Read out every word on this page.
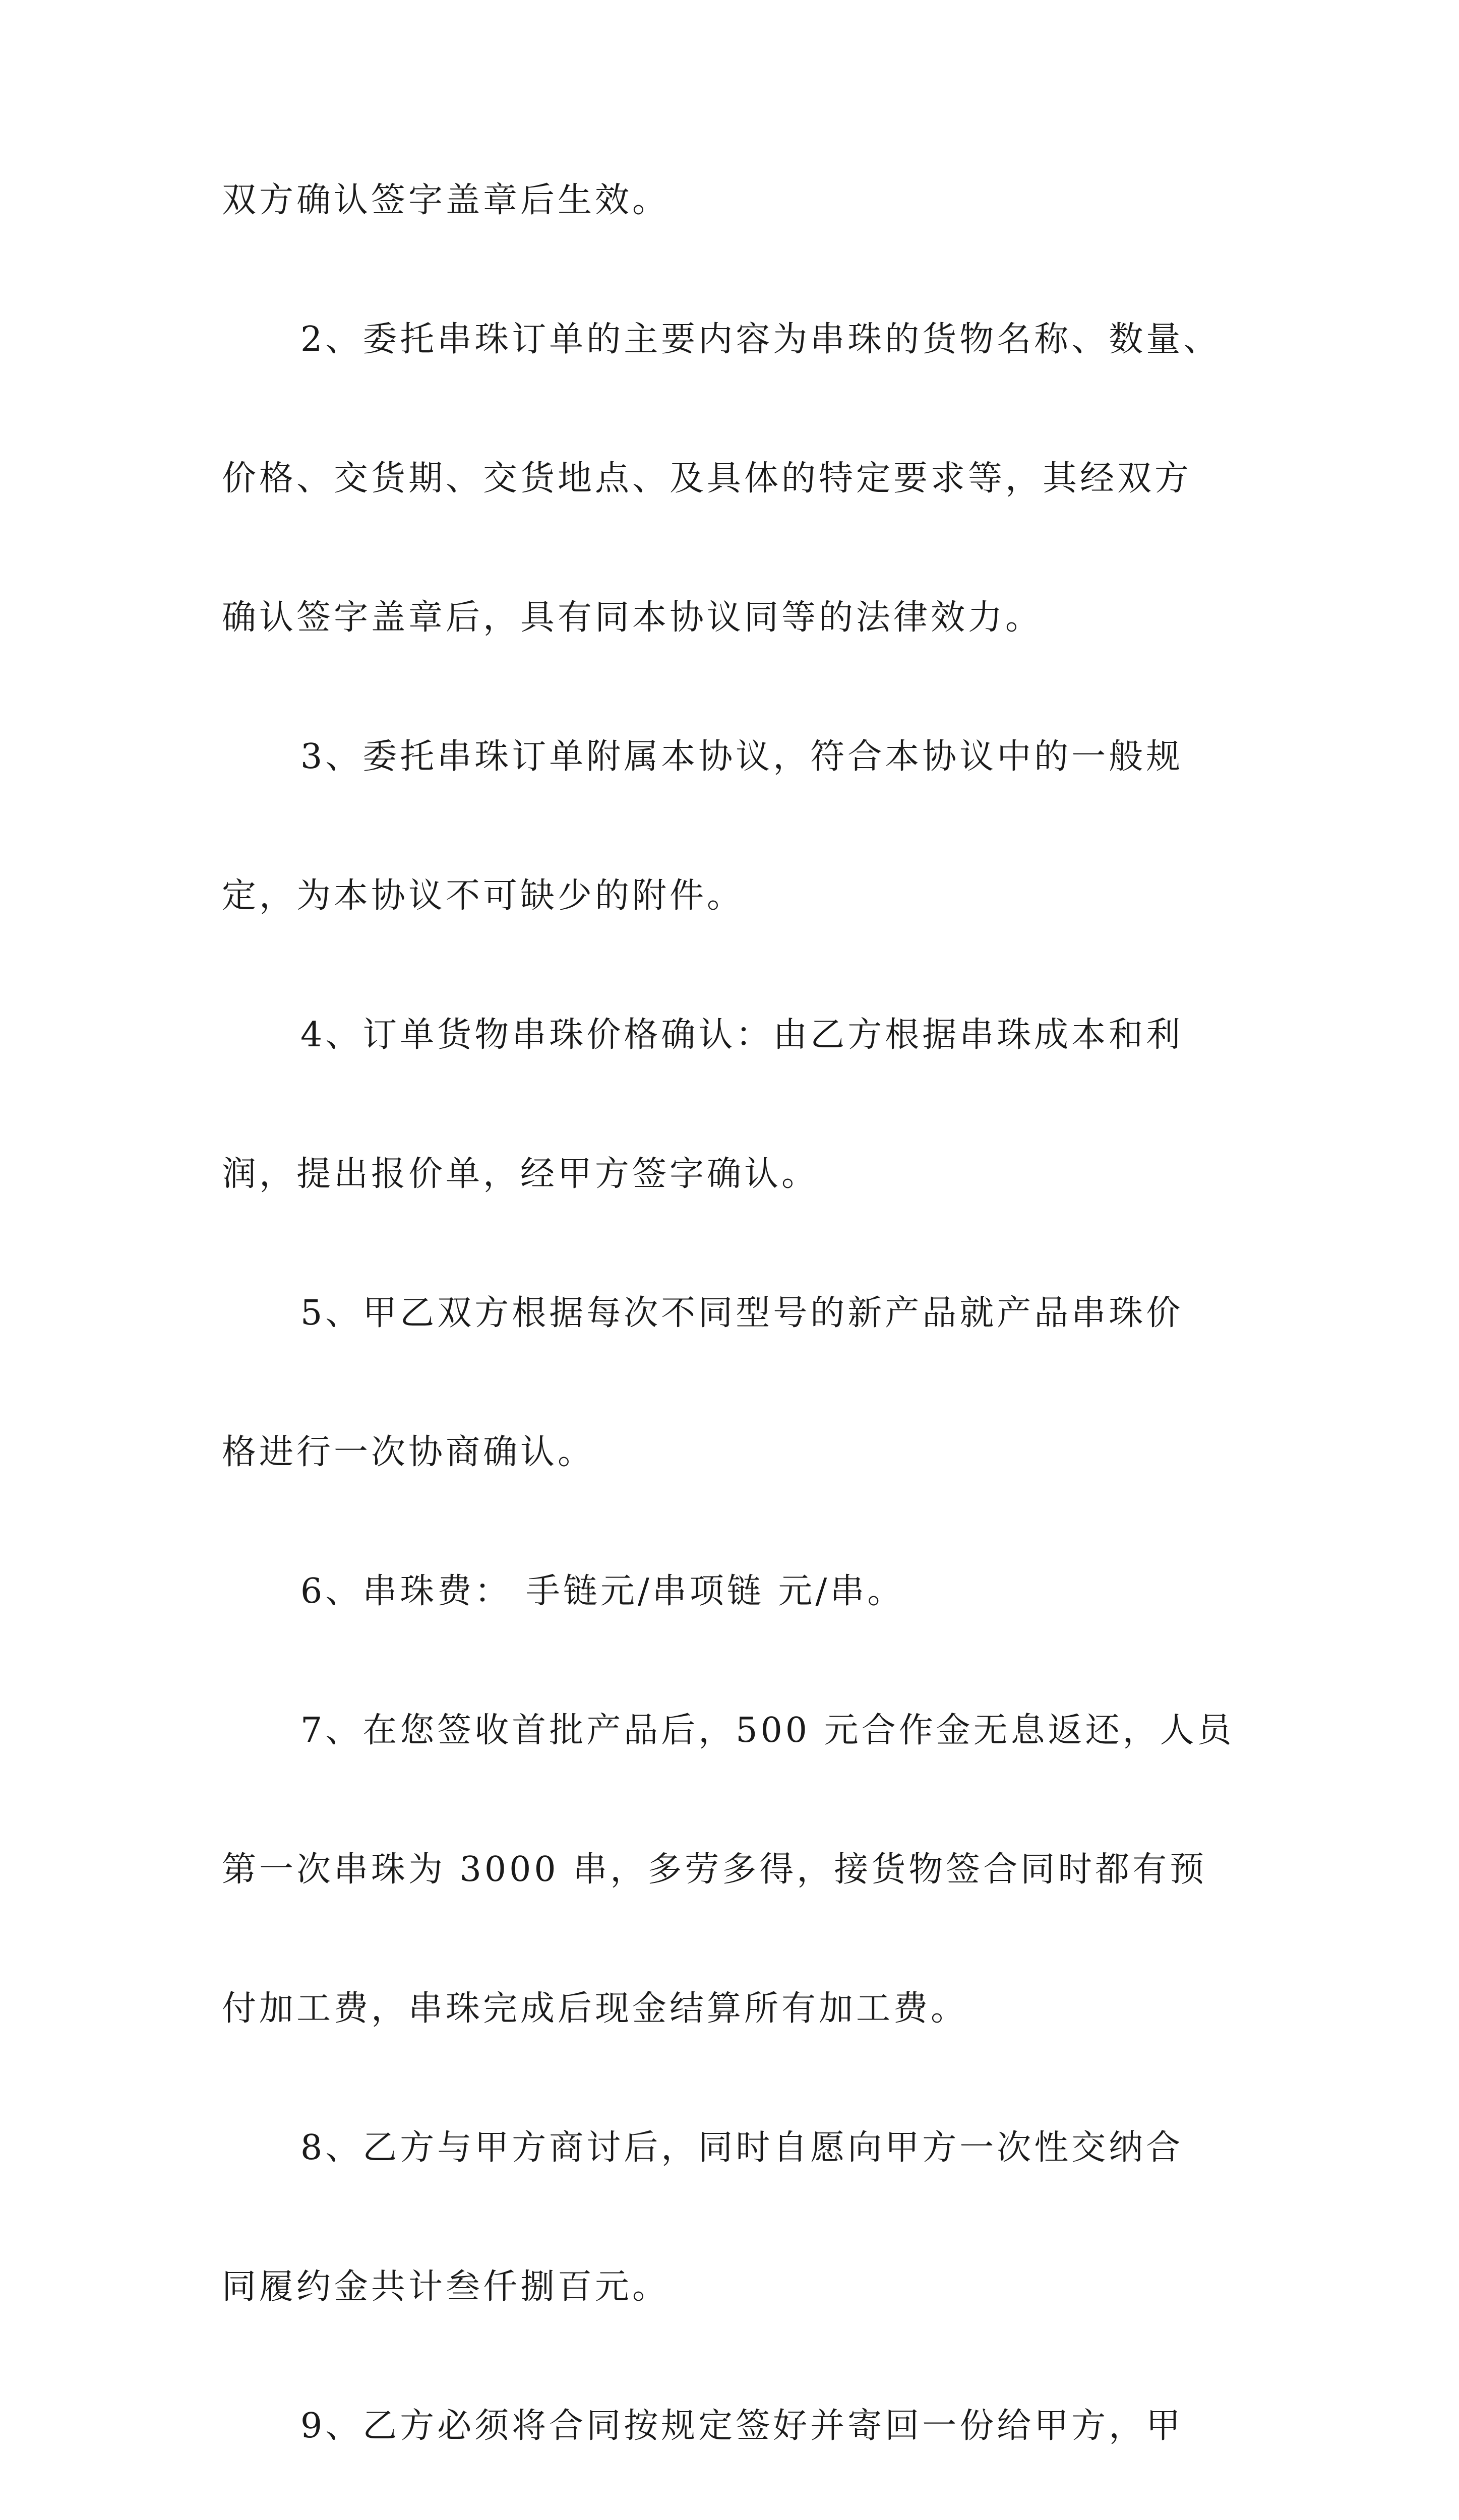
双方确认签字盖章后生效。
2、委托串珠订单的主要内容为串珠的货物名称、数量、
价格、交货期、交货地点、及具体的特定要求等，其经双方
确认签字盖章后，具有同本协议同等的法律效力。
3、委托串珠订单附属本协议，符合本协议中的一般规
定，为本协议不可缺少的附件。
4、订单货物串珠价格确认：由乙方根据串珠成本和利
润，提出报价单，经甲方签字确认。
5、甲乙双方根据每次不同型号的新产品就产品串珠价
格进行一次协商确认。
6、串珠费： 手链元/串项链 元/串。
7、在您签收首批产品后，500 元合作金无息返还，人员
第一次串珠为 3000 串，多劳多得，接货物签合同时都有预
付加工费，串珠完成后现金结算所有加工费。
8、乙方与甲方商讨后，同时自愿向甲方一次性交纳合
同履约金共计叁仟捌百元。
9、乙方必须将合同按规定签好并寄回一份给甲方，甲
